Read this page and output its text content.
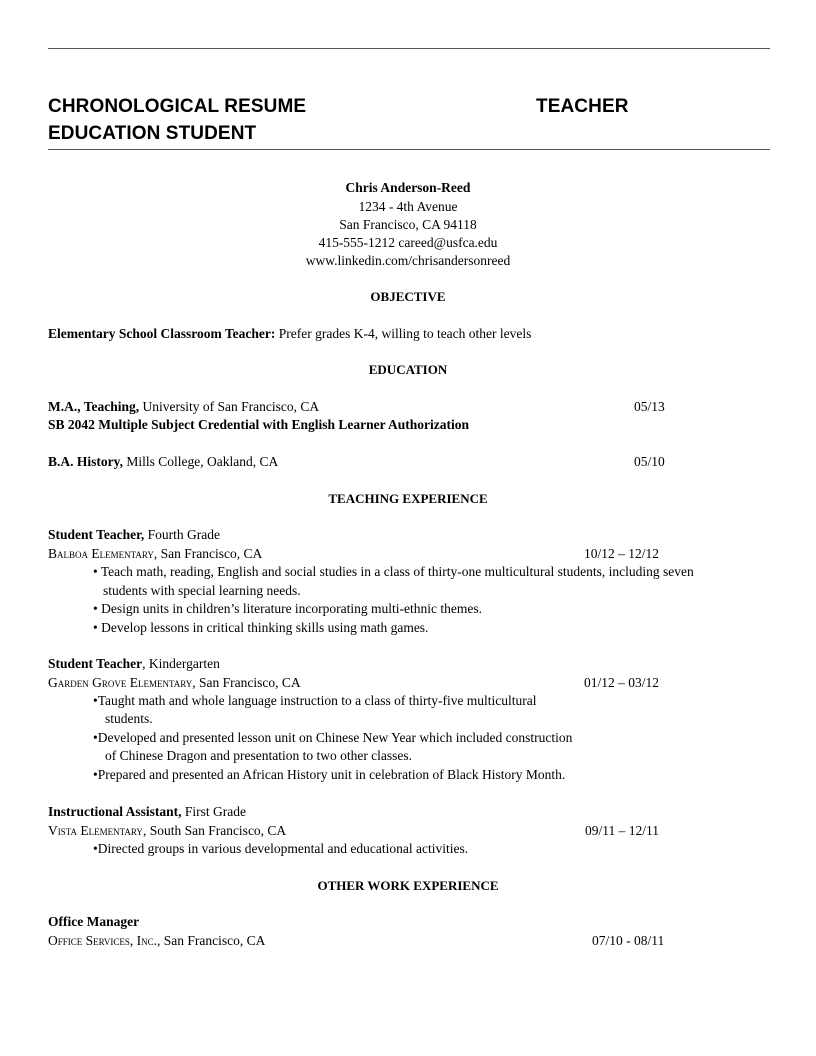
CHRONOLOGICAL RESUME	TEACHER
EDUCATION STUDENT
Chris Anderson-Reed
1234 - 4th Avenue
San Francisco, CA 94118
415-555-1212 careed@usfca.edu
www.linkedin.com/chrisandersonreed
OBJECTIVE
Elementary School Classroom Teacher: Prefer grades K-4, willing to teach other levels
EDUCATION
M.A., Teaching, University of San Francisco, CA	05/13
SB 2042 Multiple Subject Credential with English Learner Authorization
B.A. History, Mills College, Oakland, CA	05/10
TEACHING EXPERIENCE
Student Teacher, Fourth Grade
Balboa Elementary, San Francisco, CA	10/12 – 12/12
• Teach math, reading, English and social studies in a class of thirty-one multicultural students, including seven
students with special learning needs.
• Design units in children’s literature incorporating multi-ethnic themes.
• Develop lessons in critical thinking skills using math games.
Student Teacher, Kindergarten
Garden Grove Elementary, San Francisco, CA	01/12 – 03/12
•Taught math and whole language instruction to a class of thirty-five multicultural
students.
•Developed and presented lesson unit on Chinese New Year which included construction
of Chinese Dragon and presentation to two other classes.
•Prepared and presented an African History unit in celebration of Black History Month.
Instructional Assistant, First Grade
Vista Elementary, South San Francisco, CA	09/11 – 12/11
•Directed groups in various developmental and educational activities.
OTHER WORK EXPERIENCE
Office Manager
Office Services, Inc., San Francisco, CA	07/10 - 08/11
